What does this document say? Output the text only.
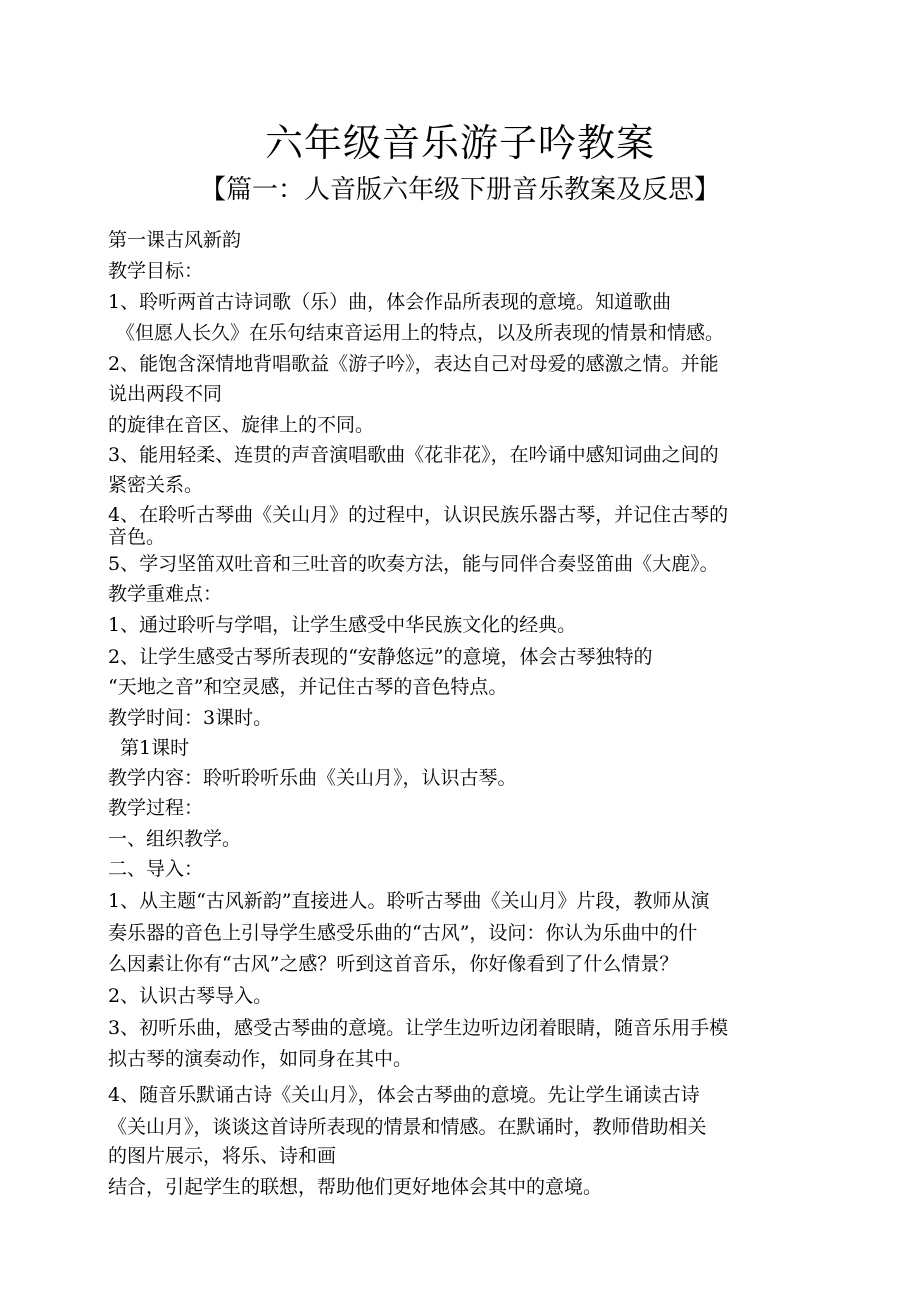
六年级音乐游子吟教案
【篇一：人音版六年级下册音乐教案及反思】
第一课古风新韵
教学目标：
1、聆听两首古诗词歌（乐）曲，体会作品所表现的意境。知道歌曲
《但愿人长久》在乐句结束音运用上的特点，以及所表现的情景和情感。
2、能饱含深情地背唱歌益《游子吟》，表达自己对母爱的感激之情。并能
说出两段不同
的旋律在音区、旋律上的不同。
3、能用轻柔、连贯的声音演唱歌曲《花非花》，在吟诵中感知词曲之间的
紧密关系。
4、在聆听古琴曲《关山月》的过程中，认识民族乐器古琴，并记住古琴的
音色。
5、学习坚笛双吐音和三吐音的吹奏方法，能与同伴合奏竖笛曲《大鹿》。
教学重难点：
1、通过聆听与学唱，让学生感受中华民族文化的经典。
2、让学生感受古琴所表现的“安静悠远”的意境，体会古琴独特的
“天地之音”和空灵感，并记住古琴的音色特点。
教学时间：3课时。
第1课时
教学内容：聆听聆听乐曲《关山月》，认识古琴。
教学过程：
一、组织教学。
二、导入：
1、从主题“古风新韵”直接进人。聆听古琴曲《关山月》片段，教师从演
奏乐器的音色上引导学生感受乐曲的“古风”，设问：你认为乐曲中的什
么因素让你有“古风”之感？听到这首音乐，你好像看到了什么情景？
2、认识古琴导入。
3、初听乐曲，感受古琴曲的意境。让学生边听边闭着眼睛，随音乐用手模
拟古琴的演奏动作，如同身在其中。
4、随音乐默诵古诗《关山月》，体会古琴曲的意境。先让学生诵读古诗
《关山月》，谈谈这首诗所表现的情景和情感。在默诵时，教师借助相关
的图片展示，将乐、诗和画
结合，引起学生的联想，帮助他们更好地体会其中的意境。
